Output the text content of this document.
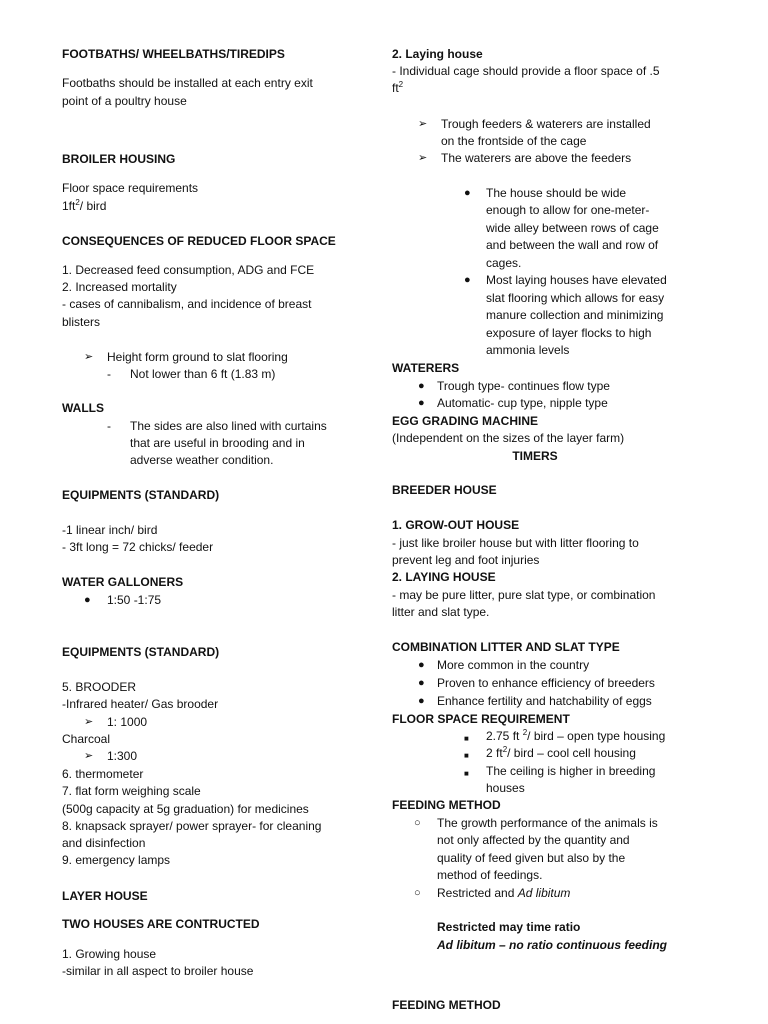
FOOTBATHS/ WHEELBATHS/TIREDIPS
Footbaths should be installed at each entry exit
point of a poultry house
BROILER HOUSING
Floor space requirements
$1ft^2/$ bird
CONSEQUENCES OF REDUCED FLOOR SPACE
1. Decreased feed consumption, ADG and FCE
2. Increased mortality
- cases of cannibalism, and incidence of breast
blisters
➢ Height form ground to slat flooring
- Not lower than 6 ft (1.83 m)
WALLS
- The sides are also lined with curtains
that are useful in brooding and in
adverse weather condition.
EQUIPMENTS (STANDARD)
-1 linear inch/ bird
- 3ft long = 72 chicks/ feeder
WATER GALLONERS
● 1:50 -1:75
EQUIPMENTS (STANDARD)
5. BROODER
-Infrared heater/ Gas brooder
➢ 1: 1000
Charcoal
➢ 1:300
6. thermometer
7. flat form weighing scale
(500g capacity at 5g graduation) for medicines
8. knapsack sprayer/ power sprayer- for cleaning
and disinfection
9. emergency lamps
LAYER HOUSE
TWO HOUSES ARE CONTRUCTED
1. Growing house
-similar in all aspect to broiler house
2. Laying house
- Individual cage should provide a floor space of .5
$ft^2$
➢ Trough feeders & waterers are installed
on the frontside of the cage
➢ The waterers are above the feeders
● The house should be wide
enough to allow for one-meter-
wide alley between rows of cage
and between the wall and row of
cages.
● Most laying houses have elevated
slat flooring which allows for easy
manure collection and minimizing
exposure of layer flocks to high
ammonia levels
WATERERS
● Trough type- continues flow type
● Automatic- cup type, nipple type
EGG GRADING MACHINE
(Independent on the sizes of the layer farm)
TIMERS
BREEDER HOUSE
1. GROW-OUT HOUSE
- just like broiler house but with litter flooring to
prevent leg and foot injuries
2. LAYING HOUSE
- may be pure litter, pure slat type, or combination
litter and slat type.
COMBINATION LITTER AND SLAT TYPE
● More common in the country
● Proven to enhance efficiency of breeders
● Enhance fertility and hatchability of eggs
FLOOR SPACE REQUIREMENT
■ 2.75 ft $^2$/ bird – open type housing
■ 2 $ft^2/$ bird – cool cell housing
■ The ceiling is higher in breeding
houses
FEEDING METHOD
○ The growth performance of the animals is
not only affected by the quantity and
quality of feed given but also by the
method of feedings.
○ Restricted and Ad libitum
Restricted may time ratio
Ad libitum – no ratio continuous feeding
FEEDING METHOD
